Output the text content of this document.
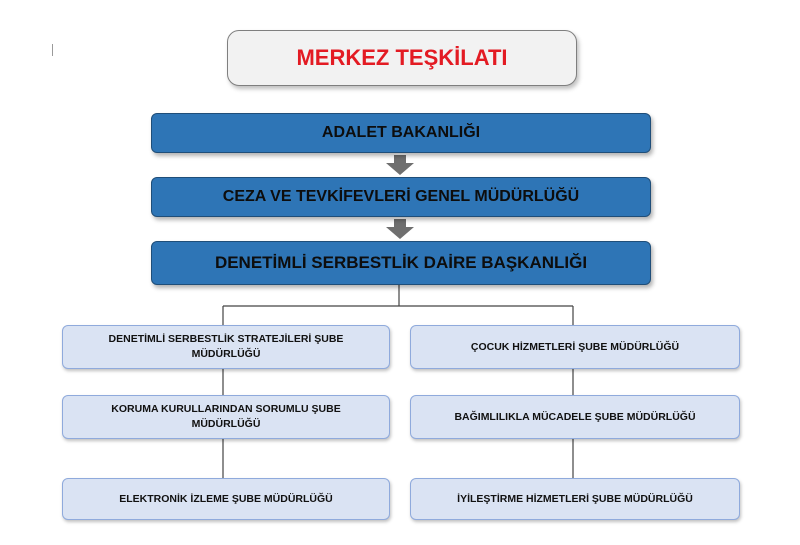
MERKEZ TEŞKİLATI
ADALET BAKANLIĞI
CEZA VE TEVKİFEVLERİ GENEL MÜDÜRLÜĞÜ
DENETİMLİ SERBESTLİK DAİRE BAŞKANLIĞI
DENETİMLİ SERBESTLİK STRATEJİLERİ ŞUBE MÜDÜRLÜĞÜ
KORUMA KURULLARINDAN SORUMLU ŞUBE MÜDÜRLÜĞÜ
ELEKTRONİK İZLEME ŞUBE MÜDÜRLÜĞÜ
ÇOCUK HİZMETLERİ ŞUBE MÜDÜRLÜĞÜ
BAĞIMLILIKLA MÜCADELE ŞUBE MÜDÜRLÜĞÜ
İYİLEŞTİRME HİZMETLERİ ŞUBE MÜDÜRLÜĞÜ
